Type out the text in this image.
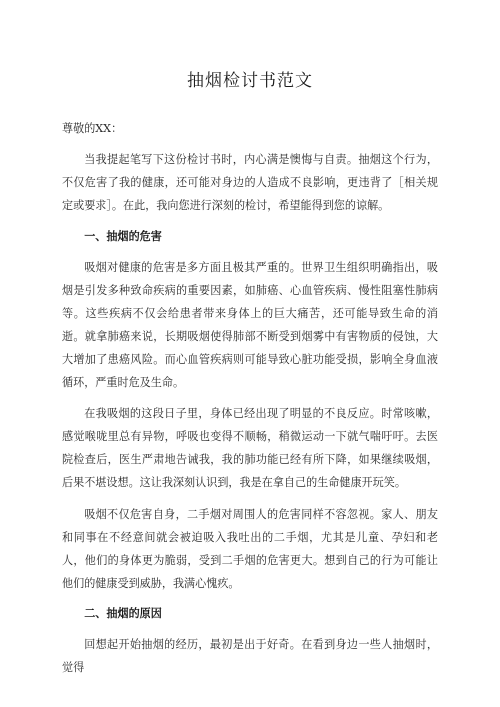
抽烟检讨书范文

尊敬的XX：

当我提起笔写下这份检讨书时，内心满是懊悔与自责。抽烟这个行为，不仅危害了我的健康，还可能对身边的人造成不良影响，更违背了［相关规定或要求］。在此，我向您进行深刻的检讨，希望能得到您的谅解。

一、抽烟的危害

吸烟对健康的危害是多方面且极其严重的。世界卫生组织明确指出，吸烟是引发多种致命疾病的重要因素，如肺癌、心血管疾病、慢性阻塞性肺病等。这些疾病不仅会给患者带来身体上的巨大痛苦，还可能导致生命的消逝。就拿肺癌来说，长期吸烟使得肺部不断受到烟雾中有害物质的侵蚀，大大增加了患癌风险。而心血管疾病则可能导致心脏功能受损，影响全身血液循环，严重时危及生命。

在我吸烟的这段日子里，身体已经出现了明显的不良反应。时常咳嗽，感觉喉咙里总有异物，呼吸也变得不顺畅，稍微运动一下就气喘吁吁。去医院检查后，医生严肃地告诫我，我的肺功能已经有所下降，如果继续吸烟，后果不堪设想。这让我深刻认识到，我是在拿自己的生命健康开玩笑。

吸烟不仅危害自身，二手烟对周围人的危害同样不容忽视。家人、朋友和同事在不经意间就会被迫吸入我吐出的二手烟，尤其是儿童、孕妇和老人，他们的身体更为脆弱，受到二手烟的危害更大。想到自己的行为可能让他们的健康受到威胁，我满心愧疚。

二、抽烟的原因

回想起开始抽烟的经历，最初是出于好奇。在看到身边一些人抽烟时，觉得
